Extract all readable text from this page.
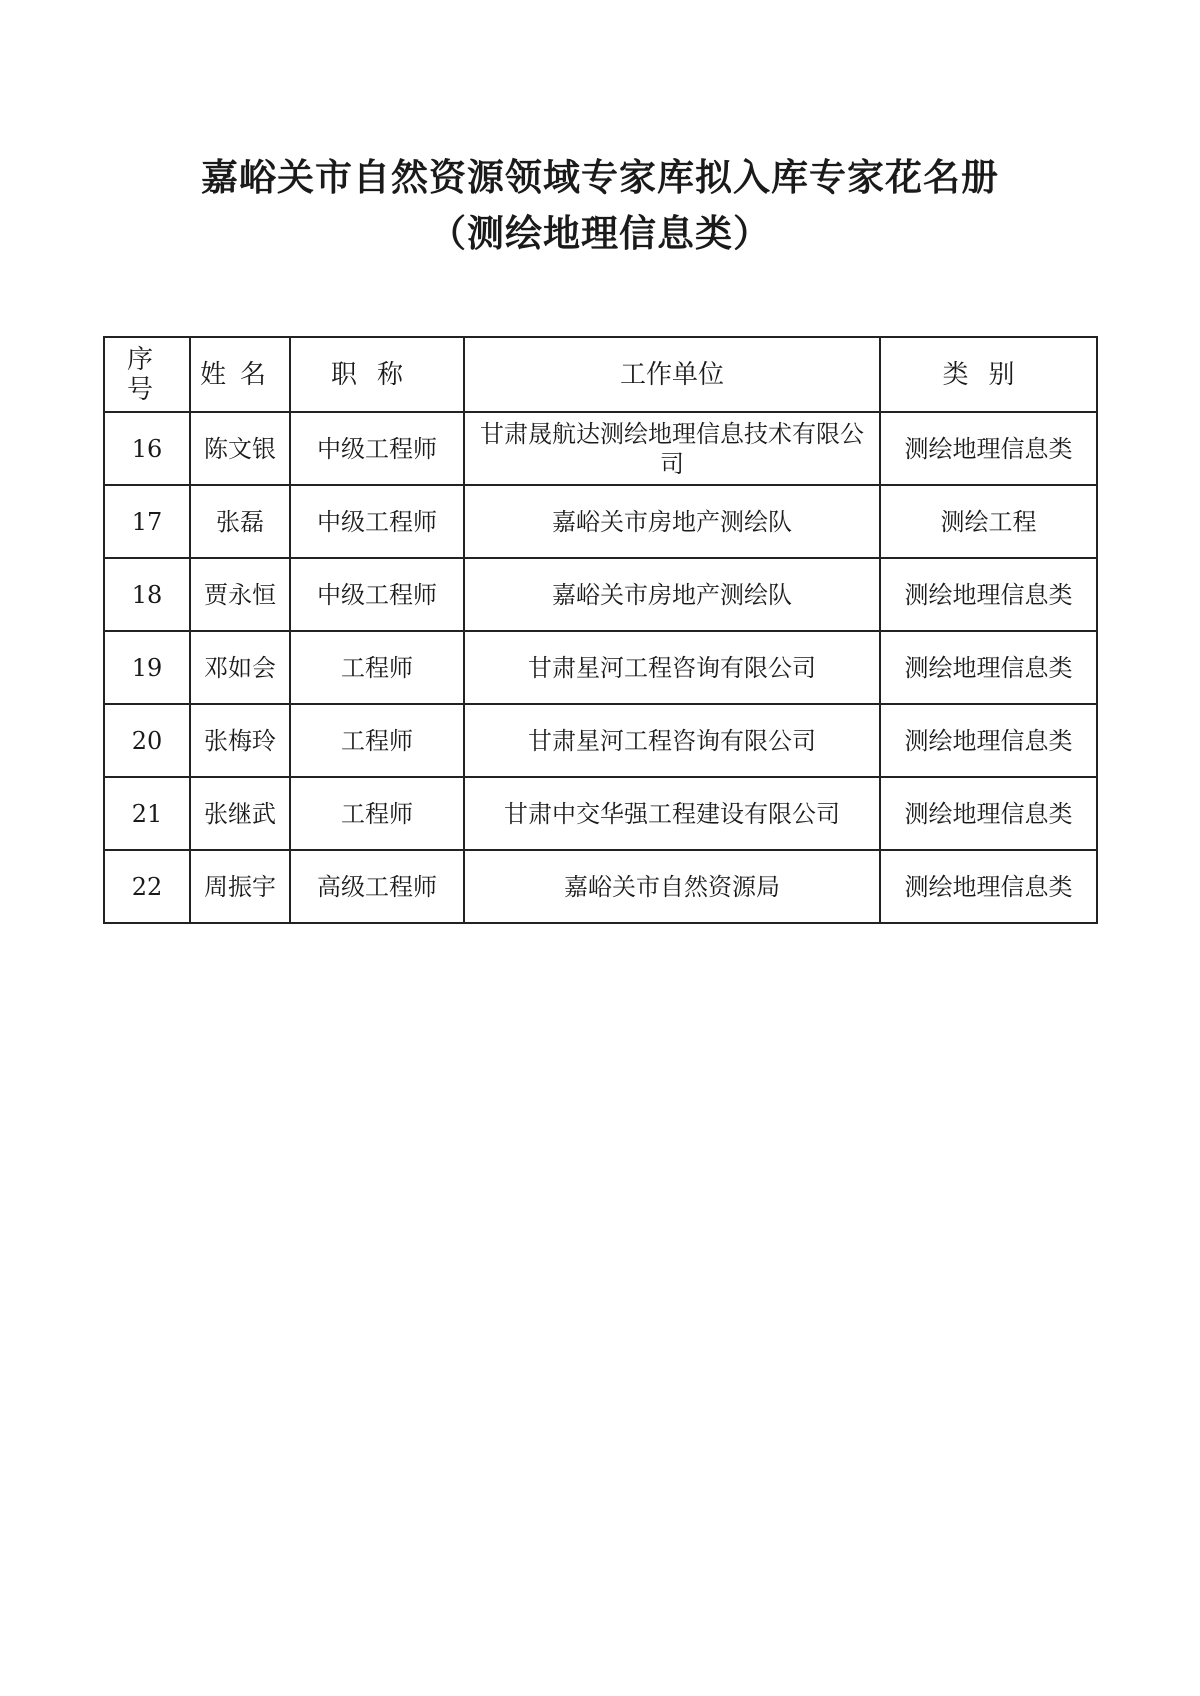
嘉峪关市自然资源领域专家库拟入库专家花名册
（测绘地理信息类）
序号	姓名	职称	工作单位	类别
16	陈文银	中级工程师	甘肃晟航达测绘地理信息技术有限公司	测绘地理信息类
17	张磊	中级工程师	嘉峪关市房地产测绘队	测绘工程
18	贾永恒	中级工程师	嘉峪关市房地产测绘队	测绘地理信息类
19	邓如会	工程师	甘肃星河工程咨询有限公司	测绘地理信息类
20	张梅玲	工程师	甘肃星河工程咨询有限公司	测绘地理信息类
21	张继武	工程师	甘肃中交华强工程建设有限公司	测绘地理信息类
22	周振宇	高级工程师	嘉峪关市自然资源局	测绘地理信息类
